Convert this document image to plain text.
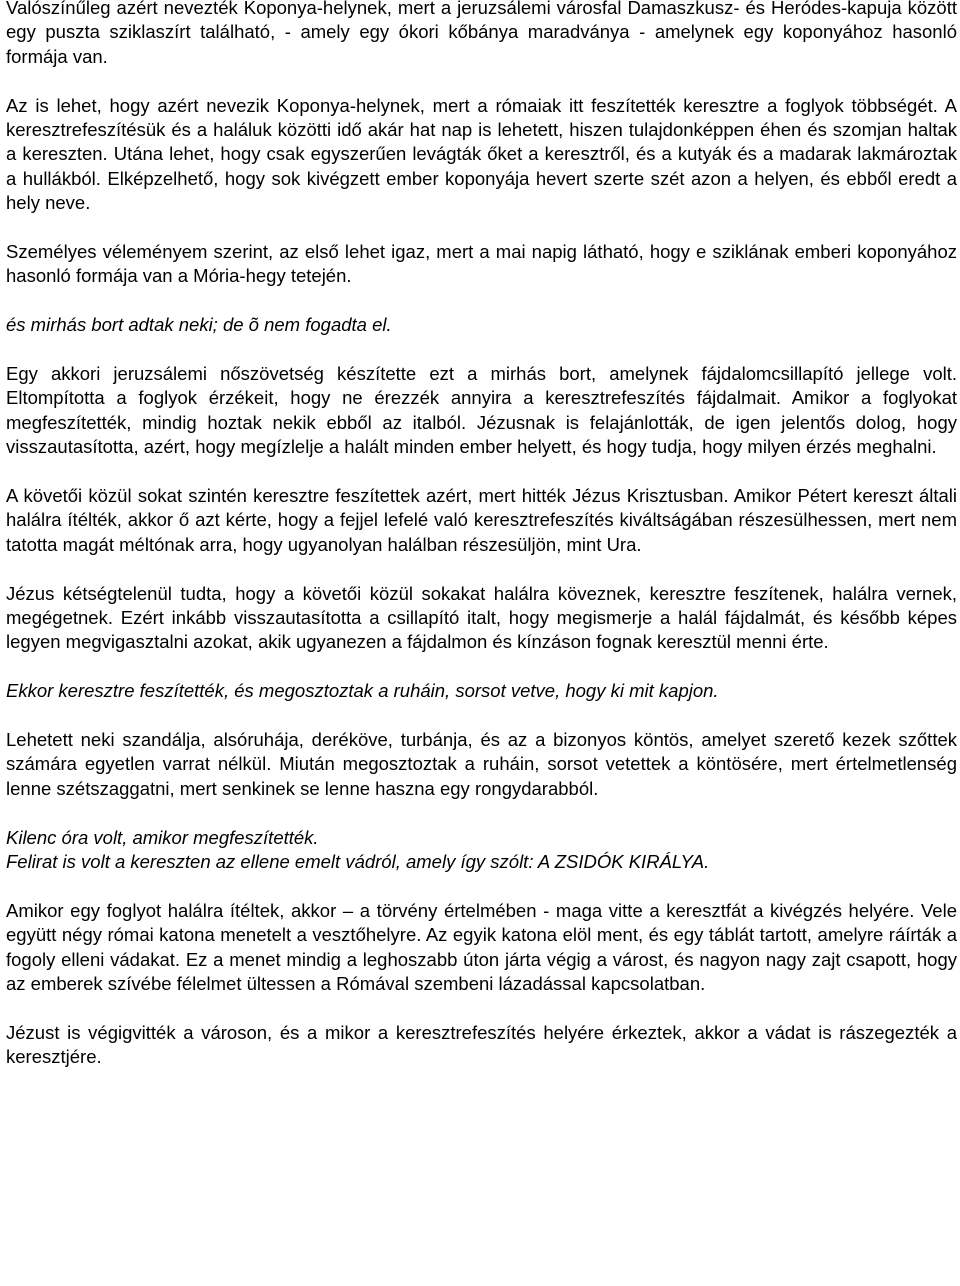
Valószínűleg azért nevezték Koponya-helynek, mert a jeruzsálemi városfal Damaszkusz- és Heródes-kapuja között egy puszta sziklaszírt található, - amely egy ókori kőbánya maradványa - amelynek egy koponyához hasonló formája van.

Az is lehet, hogy azért nevezik Koponya-helynek, mert a rómaiak itt feszítették keresztre a foglyok többségét. A keresztrefeszítésük és a haláluk közötti idő akár hat nap is lehetett, hiszen tulajdonképpen éhen és szomjan haltak a kereszten. Utána lehet, hogy csak egyszerűen levágták őket a keresztről, és a kutyák és a madarak lakmároztak a hullákból. Elképzelhető, hogy sok kivégzett ember koponyája hevert szerte szét azon a helyen, és ebből eredt a hely neve.

Személyes véleményem szerint, az első lehet igaz, mert a mai napig látható, hogy e sziklának emberi koponyához hasonló formája van a Mória-hegy tetején.

és mirhás bort adtak neki; de õ nem fogadta el.

Egy akkori jeruzsálemi nőszövetség készítette ezt a mirhás bort, amelynek fájdalomcsillapító jellege volt. Eltompította a foglyok érzékeit, hogy ne érezzék annyira a keresztrefeszítés fájdalmait. Amikor a foglyokat megfeszítették, mindig hoztak nekik ebből az italból. Jézusnak is felajánlották, de igen jelentős dolog, hogy visszautasította, azért, hogy megízlelje a halált minden ember helyett, és hogy tudja, hogy milyen érzés meghalni.

A követői közül sokat szintén keresztre feszítettek azért, mert hitték Jézus Krisztusban. Amikor Pétert kereszt általi halálra ítélték, akkor ő azt kérte, hogy a fejjel lefelé való keresztrefeszítés kiváltságában részesülhessen, mert nem tatotta magát méltónak arra, hogy ugyanolyan halálban részesüljön, mint Ura.

Jézus kétségtelenül tudta, hogy a követői közül sokakat halálra köveznek, keresztre feszítenek, halálra vernek, megégetnek. Ezért inkább visszautasította a csillapító italt, hogy megismerje a halál fájdalmát, és később képes legyen megvigasztalni azokat, akik ugyanezen a fájdalmon és kínzáson fognak keresztül menni érte.

Ekkor keresztre feszítették, és megosztoztak a ruháin, sorsot vetve, hogy ki mit kapjon.

Lehetett neki szandálja, alsóruhája, deréköve, turbánja, és az a bizonyos köntös, amelyet szerető kezek szőttek számára egyetlen varrat nélkül. Miután megosztoztak a ruháin, sorsot vetettek a köntösére, mert értelmetlenség lenne szétszaggatni, mert senkinek se lenne haszna egy rongydarabból.

Kilenc óra volt, amikor megfeszítették.

Felirat is volt a kereszten az ellene emelt vádról, amely így szólt: A ZSIDÓK KIRÁLYA.

Amikor egy foglyot halálra ítéltek, akkor – a törvény értelmében - maga vitte a keresztfát a kivégzés helyére. Vele együtt négy római katona menetelt a vesztőhelyre. Az egyik katona elöl ment, és egy táblát tartott, amelyre ráírták a fogoly elleni vádakat. Ez a menet mindig a leghoszabb úton járta végig a várost, és nagyon nagy zajt csapott, hogy az emberek szívébe félelmet ültessen a Rómával szembeni lázadással kapcsolatban.

Jézust is végigvitték a városon, és a mikor a keresztrefeszítés helyére érkeztek, akkor a vádat is rászegezték a keresztjére.
